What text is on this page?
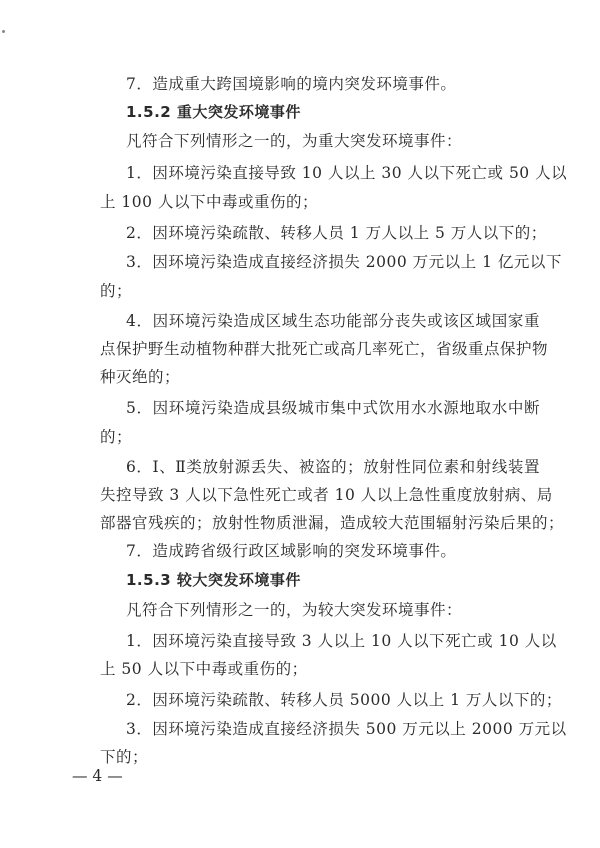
7．造成重大跨国境影响的境内突发环境事件。
1.5.2 重大突发环境事件
凡符合下列情形之一的，为重大突发环境事件：
1．因环境污染直接导致 10 人以上 30 人以下死亡或 50 人以
上 100 人以下中毒或重伤的；
2．因环境污染疏散、转移人员 1 万人以上 5 万人以下的；
3．因环境污染造成直接经济损失 2000 万元以上 1 亿元以下
的；
4．因环境污染造成区域生态功能部分丧失或该区域国家重
点保护野生动植物种群大批死亡或高几率死亡，省级重点保护物
种灭绝的；
5．因环境污染造成县级城市集中式饮用水水源地取水中断
的；
6．Ⅰ、Ⅱ类放射源丢失、被盗的；放射性同位素和射线装置
失控导致 3 人以下急性死亡或者 10 人以上急性重度放射病、局
部器官残疾的；放射性物质泄漏，造成较大范围辐射污染后果的；
7．造成跨省级行政区域影响的突发环境事件。
1.5.3 较大突发环境事件
凡符合下列情形之一的，为较大突发环境事件：
1．因环境污染直接导致 3 人以上 10 人以下死亡或 10 人以
上 50 人以下中毒或重伤的；
2．因环境污染疏散、转移人员 5000 人以上 1 万人以下的；
3．因环境污染造成直接经济损失 500 万元以上 2000 万元以
下的；
— 4 —
